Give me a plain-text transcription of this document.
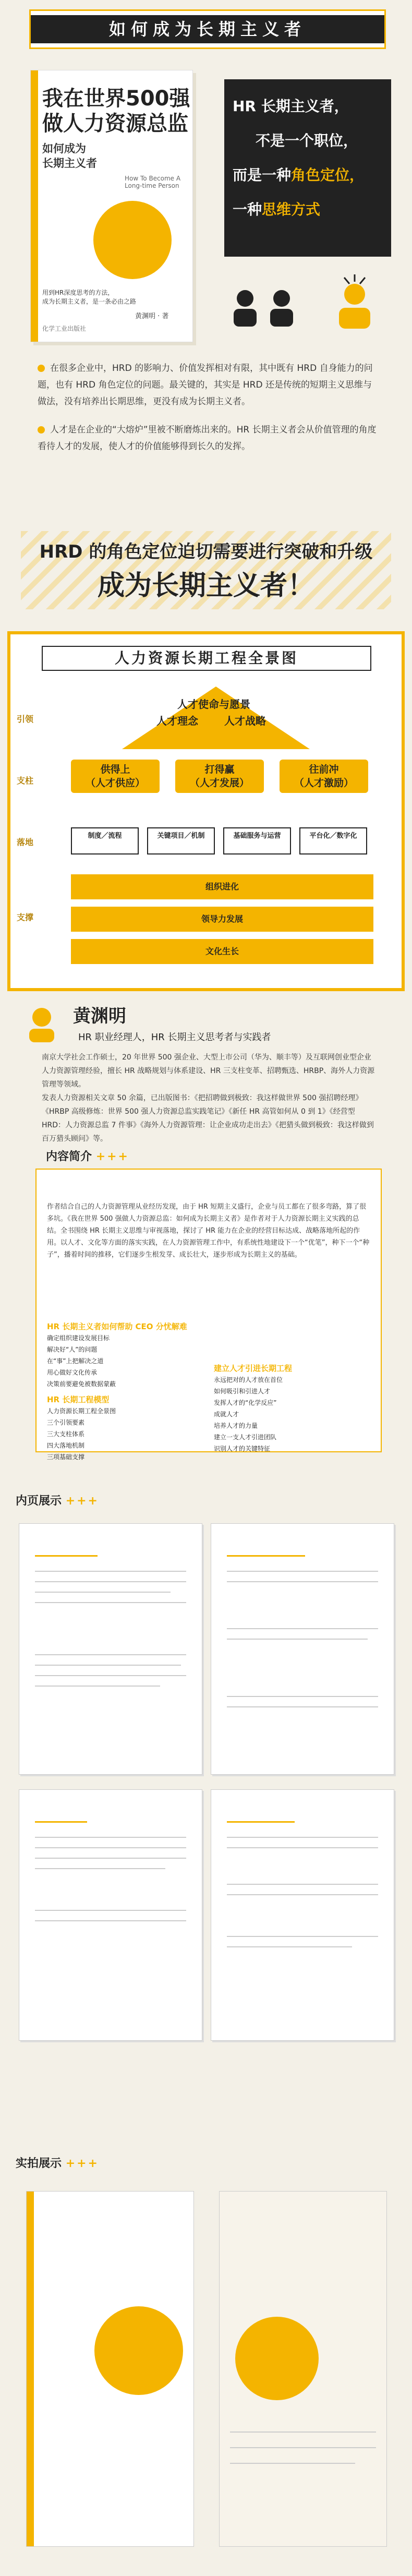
如何成为长期主义者
我在世界500强
做人力资源总监
如何成为
长期主义者
How To Become A Long-time Person
用到HR深度思考的方法，
成为长期主义者，是一条必由之路
黄渊明 · 著
化学工业出版社
HR 长期主义者，
不是一个职位，
而是一种角色定位，
一种思维方式

在很多企业中，HRD 的影响力、价值发挥相对有限，其中既有 HRD 自身能力的问题，也有 HRD 角色定位的问题。最关键的，其实是 HRD 还是传统的短期主义思维与做法，没有培养出长期思维，更没有成为长期主义者。

人才是在企业的“大熔炉”里被不断磨炼出来的。HR 长期主义者会从价值管理的角度看待人才的发展，使人才的价值能够得到长久的发挥。

HRD 的角色定位迫切需要进行突破和升级
成为长期主义者！
人力资源长期工程全景图
引领
支柱
落地
支撑
人才使命与愿景
人才理念	人才战略
供得上
（人才供应）
打得赢
（人才发展）
往前冲
（人才激励）
制度／流程	关键项目／机制	基础服务与运营	平台化／数字化
组织进化
领导力发展
文化生长
黄渊明
HR 职业经理人，HR 长期主义思考者与实践者
南京大学社会工作硕士，20 年世界 500 强企业、大型上市公司（华为、顺丰等）及互联网创业型企业人力资源管理经验，擅长 HR 战略规划与体系建设、HR 三支柱变革、招聘甄选、HRBP、海外人力资源管理等领域。
发表人力资源相关文章 50 余篇，已出版图书：《把招聘做到极致：我这样做世界 500 强招聘经理》《HRBP 高级修炼：世界 500 强人力资源总监实践笔记》《新任 HR 高管如何从 0 到 1》《经营型 HRD：人力资源总监 7 件事》《海外人力资源管理：让企业成功走出去》《把猎头做到极致：我这样做到百万猎头顾问》等。
内容简介 +++
作者结合自己的人力资源管理从业经历发现，由于 HR 短期主义盛行，企业与员工都在了很多弯路，算了很多坑。《我在世界 500 强做人力资源总监：如何成为长期主义者》是作者对于人力资源长期主义实践的总结。全书围绕 HR 长期主义思维与审视落地，探讨了 HR 能力在企业的经营目标达成、战略落地所起的作用。以人才、文化等方面的落实实践，在人力资源管理工作中，有系统性地建设下一个“优笔”，种下一个“种子”，播着时间的推移，它们逐步生根发芽、成长壮大，逐步形成为长期主义的基础。
HR 长期主义者如何帮助 CEO 分忧解难
确定组织建设发展目标
解决好“人”的问题
在“事”上把解决之道
用心做好文化传承
决策前要避免被数据蒙蔽
HR 长期工程模型
人力资源长期工程全景图
三个引领要素
三大支柱体系
四大落地机制
三项基础支撑
建立人才引进长期工程
永远把对的人才放在首位
如何吸引和引进人才
发挥人才的“化学反应”
成就人才
培养人才的力量
建立一支人才引进团队
识别人才的关键特征
内页展示 +++
实拍展示 +++
